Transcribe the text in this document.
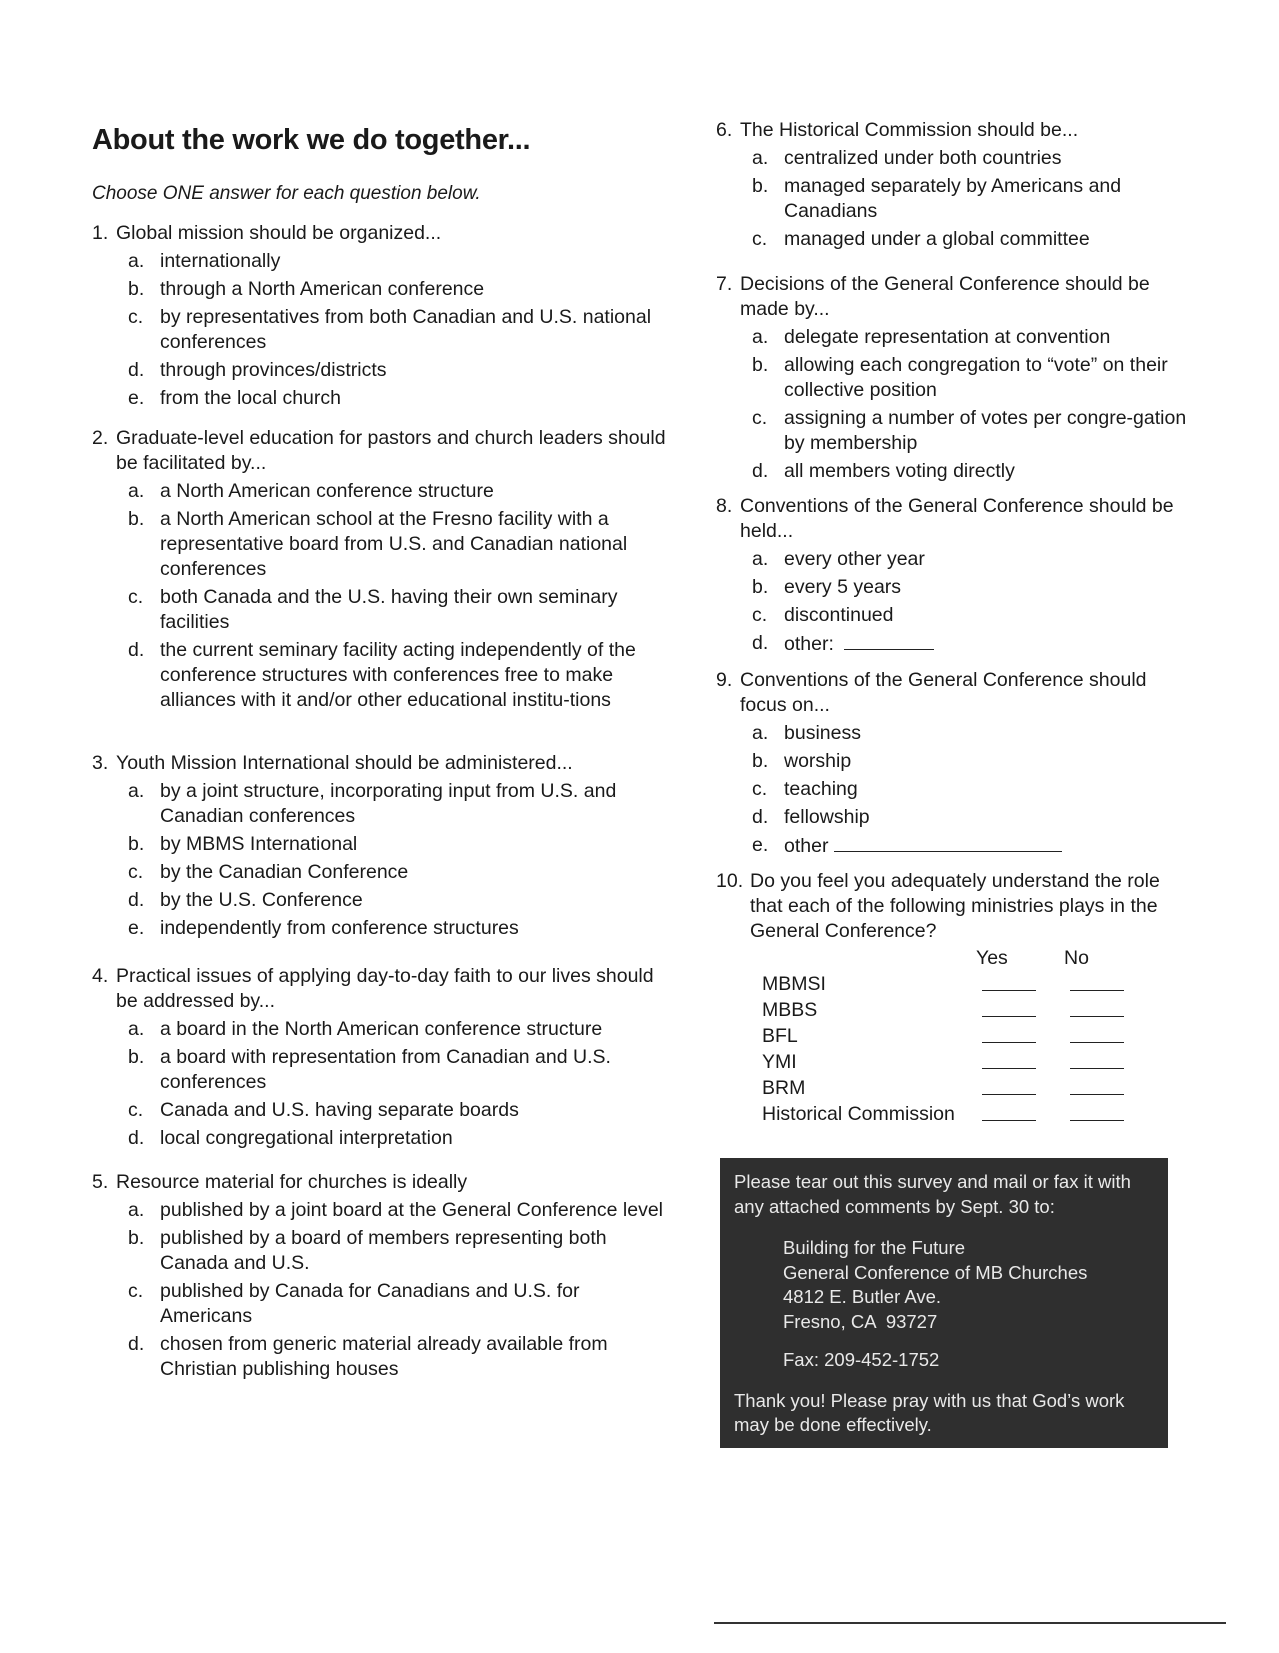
About the work we do together...
Choose ONE answer for each question below.
1. Global mission should be organized...
a. internationally
b. through a North American conference
c. by representatives from both Canadian and U.S. national conferences
d. through provinces/districts
e. from the local church
2. Graduate-level education for pastors and church leaders should be facilitated by...
a. a North American conference structure
b. a North American school at the Fresno facility with a representative board from U.S. and Canadian national conferences
c. both Canada and the U.S. having their own seminary facilities
d. the current seminary facility acting independently of the conference structures with conferences free to make alliances with it and/or other educational institu-tions
3. Youth Mission International should be administered...
a. by a joint structure, incorporating input from U.S. and Canadian conferences
b. by MBMS International
c. by the Canadian Conference
d. by the U.S. Conference
e. independently from conference structures
4. Practical issues of applying day-to-day faith to our lives should be addressed by...
a. a board in the North American conference structure
b. a board with representation from Canadian and U.S. conferences
c. Canada and U.S. having separate boards
d. local congregational interpretation
5. Resource material for churches is ideally
a. published by a joint board at the General Conference level
b. published by a board of members representing both Canada and U.S.
c. published by Canada for Canadians and U.S. for Americans
d. chosen from generic material already available from Christian publishing houses
6. The Historical Commission should be...
a. centralized under both countries
b. managed separately by Americans and Canadians
c. managed under a global committee
7. Decisions of the General Conference should be made by...
a. delegate representation at convention
b. allowing each congregation to “vote” on their collective position
c. assigning a number of votes per congre-gation by membership
d. all members voting directly
8. Conventions of the General Conference should be held...
a. every other year
b. every 5 years
c. discontinued
d. other:
9. Conventions of the General Conference should focus on...
a. business
b. worship
c. teaching
d. fellowship
e. other
10. Do you feel you adequately understand the role that each of the following ministries plays in the General Conference?
Yes	No
MBMSI
MBBS
BFL
YMI
BRM
Historical Commission
Please tear out this survey and mail or fax it with any attached comments by Sept. 30 to:
Building for the Future
General Conference of MB Churches
4812 E. Butler Ave.
Fresno, CA  93727
Fax: 209-452-1752
Thank you! Please pray with us that God’s work may be done effectively.
